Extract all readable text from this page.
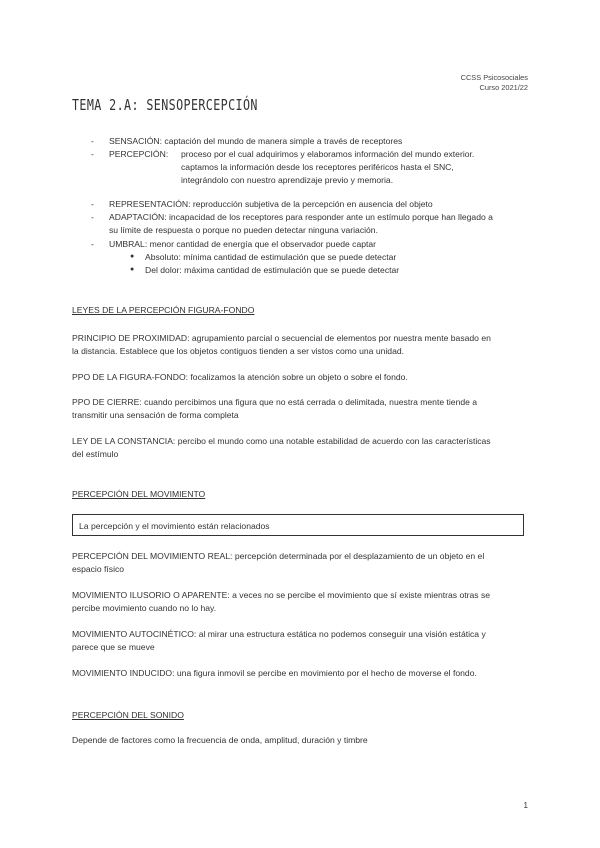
CCSS Psicosociales
Curso 2021/22
TEMA 2.A: SENSOPERCEPCIÓN
- SENSACIÓN: captación del mundo de manera simple a través de receptores
- PERCEPCIÓN: proceso por el cual adquirimos y elaboramos información del mundo exterior.
captamos la información desde los receptores periféricos hasta el SNC,
integrándolo con nuestro aprendizaje previo y memoria.
- REPRESENTACIÓN: reproducción subjetiva de la percepción en ausencia del objeto
- ADAPTACIÓN: incapacidad de los receptores para responder ante un estímulo porque han llegado a
su límite de respuesta o porque no pueden detectar ninguna variación.
- UMBRAL: menor cantidad de energía que el observador puede captar
● Absoluto: mínima cantidad de estimulación que se puede detectar
● Del dolor: máxima cantidad de estimulación que se puede detectar
LEYES DE LA PERCEPCIÓN FIGURA-FONDO
PRINCIPIO DE PROXIMIDAD: agrupamiento parcial o secuencial de elementos por nuestra mente basado en
la distancia. Establece que los objetos contiguos tienden a ser vistos como una unidad.
PPO DE LA FIGURA-FONDO: focalizamos la atención sobre un objeto o sobre el fondo.
PPO DE CIERRE: cuando percibimos una figura que no está cerrada o delimitada, nuestra mente tiende a
transmitir una sensación de forma completa
LEY DE LA CONSTANCIA: percibo el mundo como una notable estabilidad de acuerdo con las características
del estímulo
PERCEPCIÓN DEL MOVIMIENTO
La percepción y el movimiento están relacionados
PERCEPCIÓN DEL MOVIMIENTO REAL: percepción determinada por el desplazamiento de un objeto en el
espacio físico
MOVIMIENTO ILUSORIO O APARENTE: a veces no se percibe el movimiento que sí existe mientras otras se
percibe movimiento cuando no lo hay.
MOVIMIENTO AUTOCINÉTICO: al mirar una estructura estática no podemos conseguir una visión estática y
parece que se mueve
MOVIMIENTO INDUCIDO: una figura inmovil se percibe en movimiento por el hecho de moverse el fondo.
PERCEPCIÓN DEL SONIDO
Depende de factores como la frecuencia de onda, amplitud, duración y timbre
1
